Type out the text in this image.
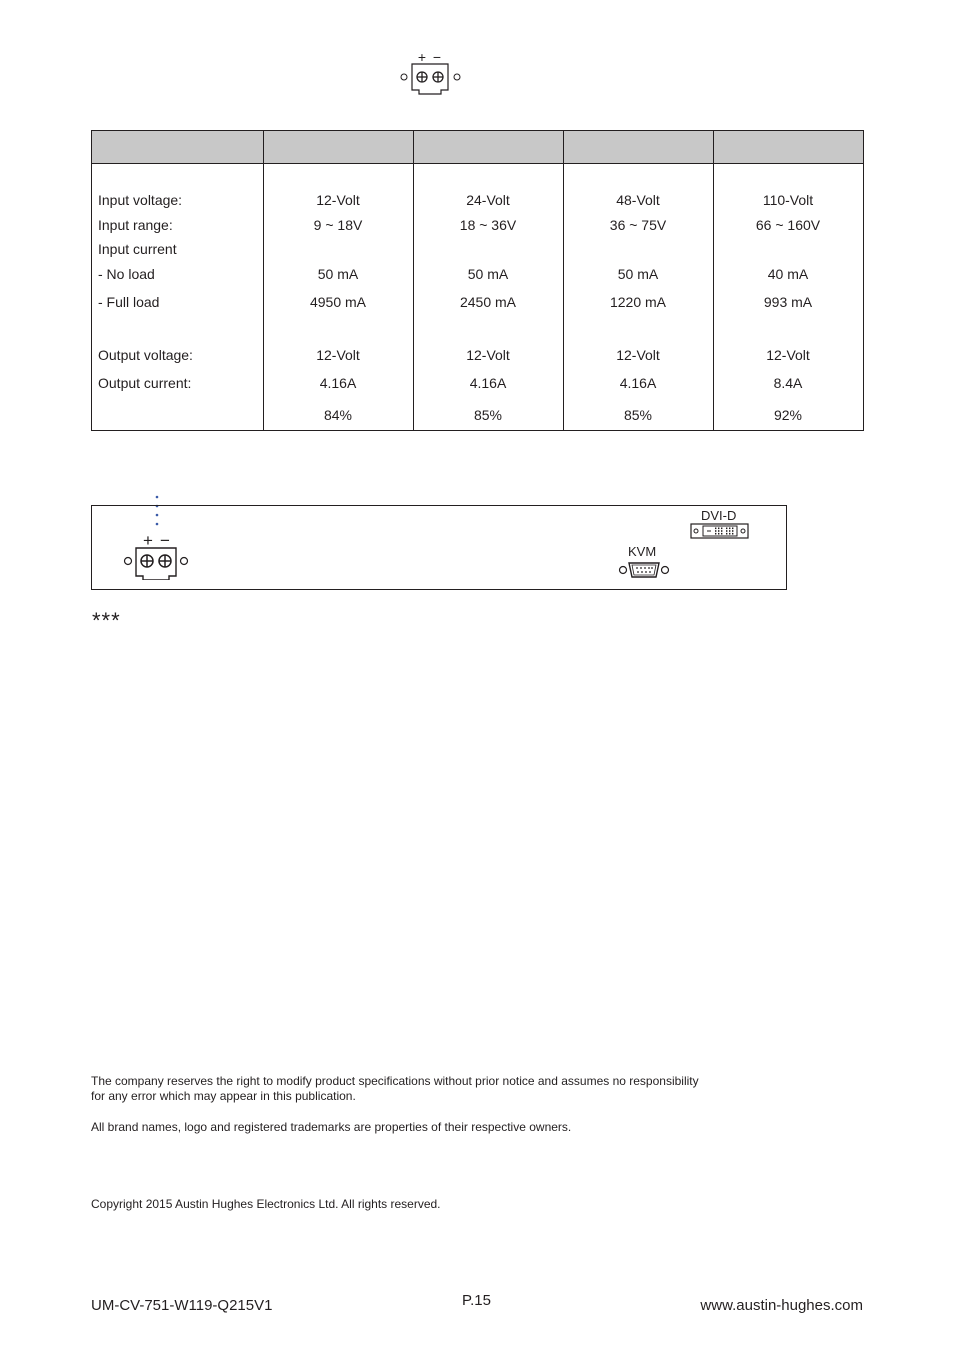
+ −
Input voltage:
Input range:
Input current
- No load
- Full load
Output voltage:
Output current:
12-Volt
9 ~ 18V
50 mA
4950 mA
12-Volt
4.16A
84%
24-Volt
18 ~ 36V
50 mA
2450 mA
12-Volt
4.16A
85%
48-Volt
36 ~ 75V
50 mA
1220 mA
12-Volt
4.16A
85%
110-Volt
66 ~ 160V
40 mA
993 mA
12-Volt
8.4A
92%
+ −
KVM
DVI-D
***
The company reserves the right to modify product specifications without prior notice and assumes no responsibility
for any error which may appear in this publication.
All brand names, logo and registered trademarks are properties of their respective owners.
Copyright 2015 Austin Hughes Electronics Ltd. All rights reserved.
UM-CV-751-W119-Q215V1	P.15	www.austin-hughes.com
